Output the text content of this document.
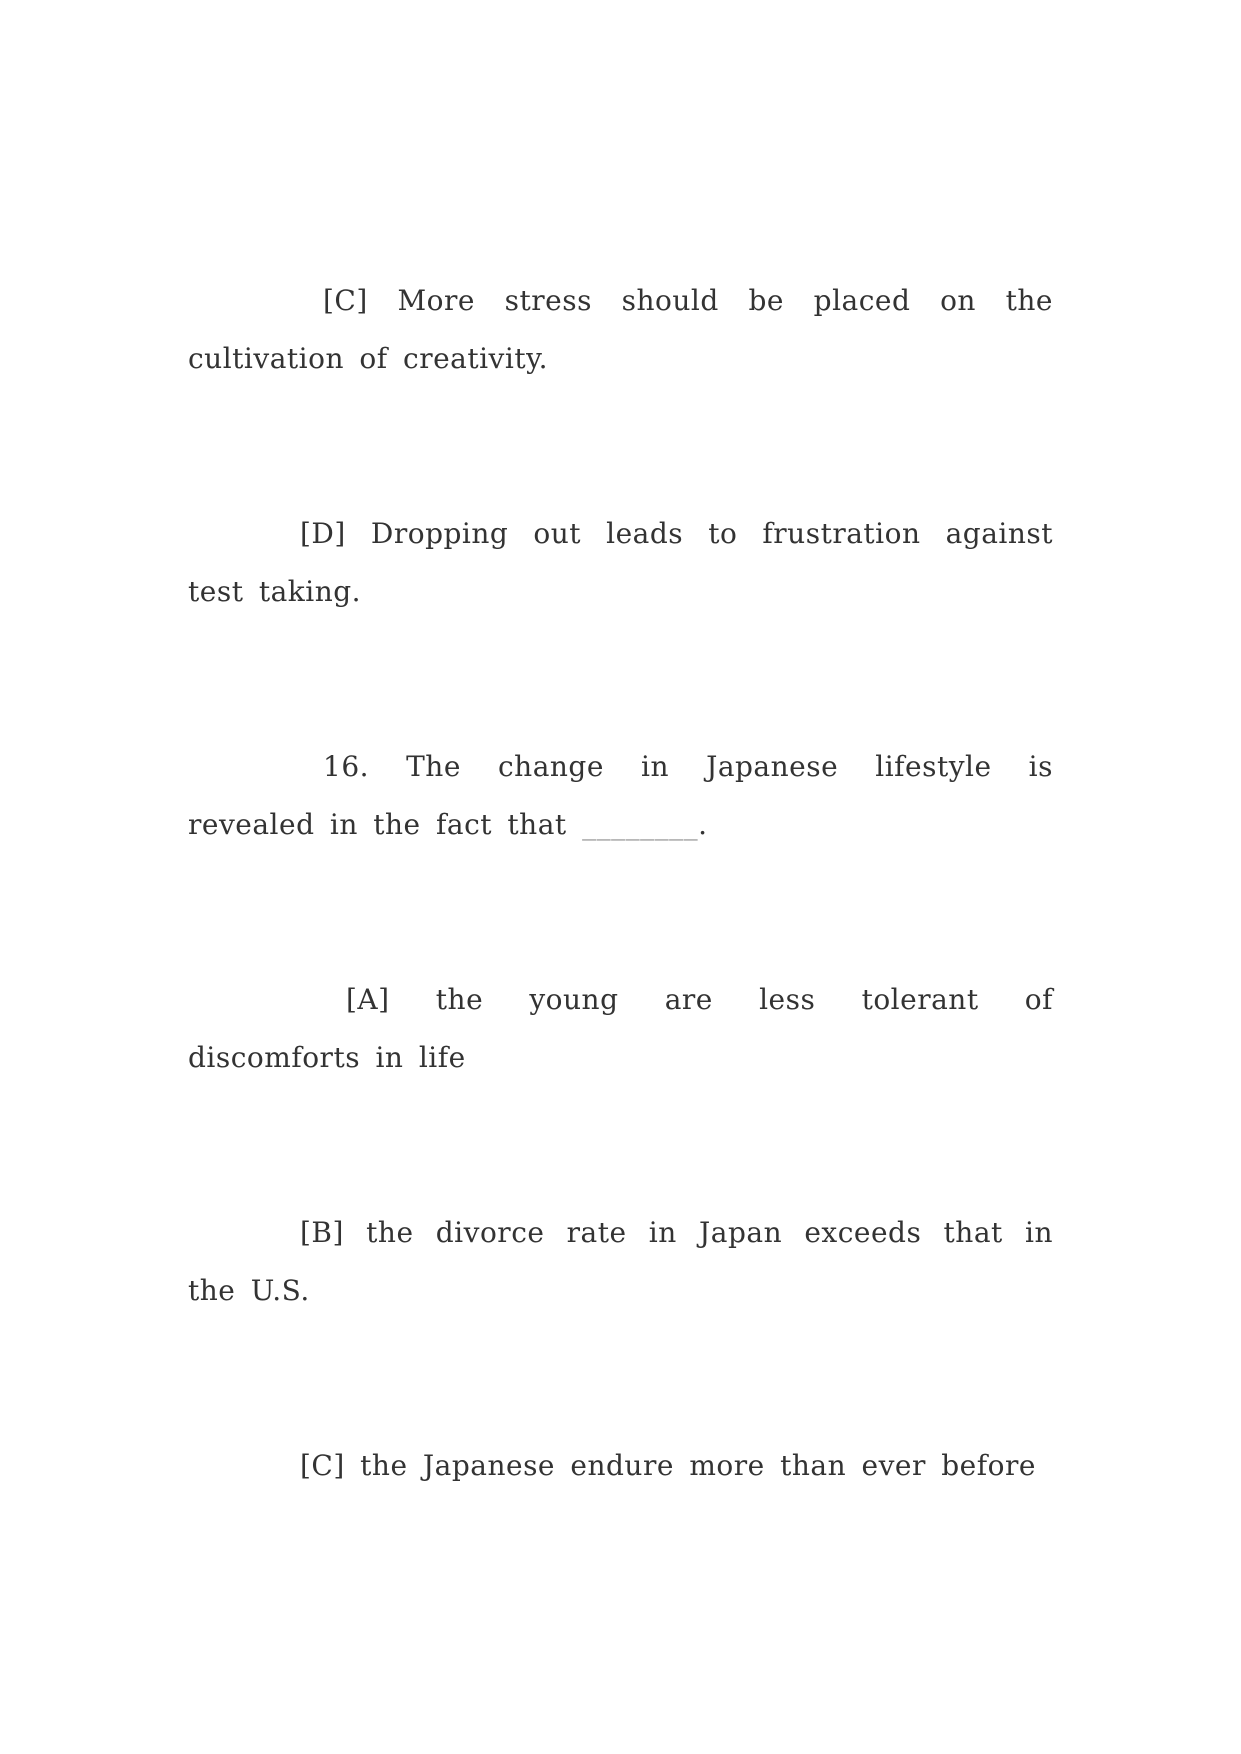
[C] More stress should be placed on the
cultivation of creativity.
[D] Dropping out leads to frustration against
test taking.
16. The change in Japanese lifestyle is
revealed in the fact that ________.
[A] the young are less tolerant of
discomforts in life
[B] the divorce rate in Japan exceeds that in
the U.S.
[C] the Japanese endure more than ever before
